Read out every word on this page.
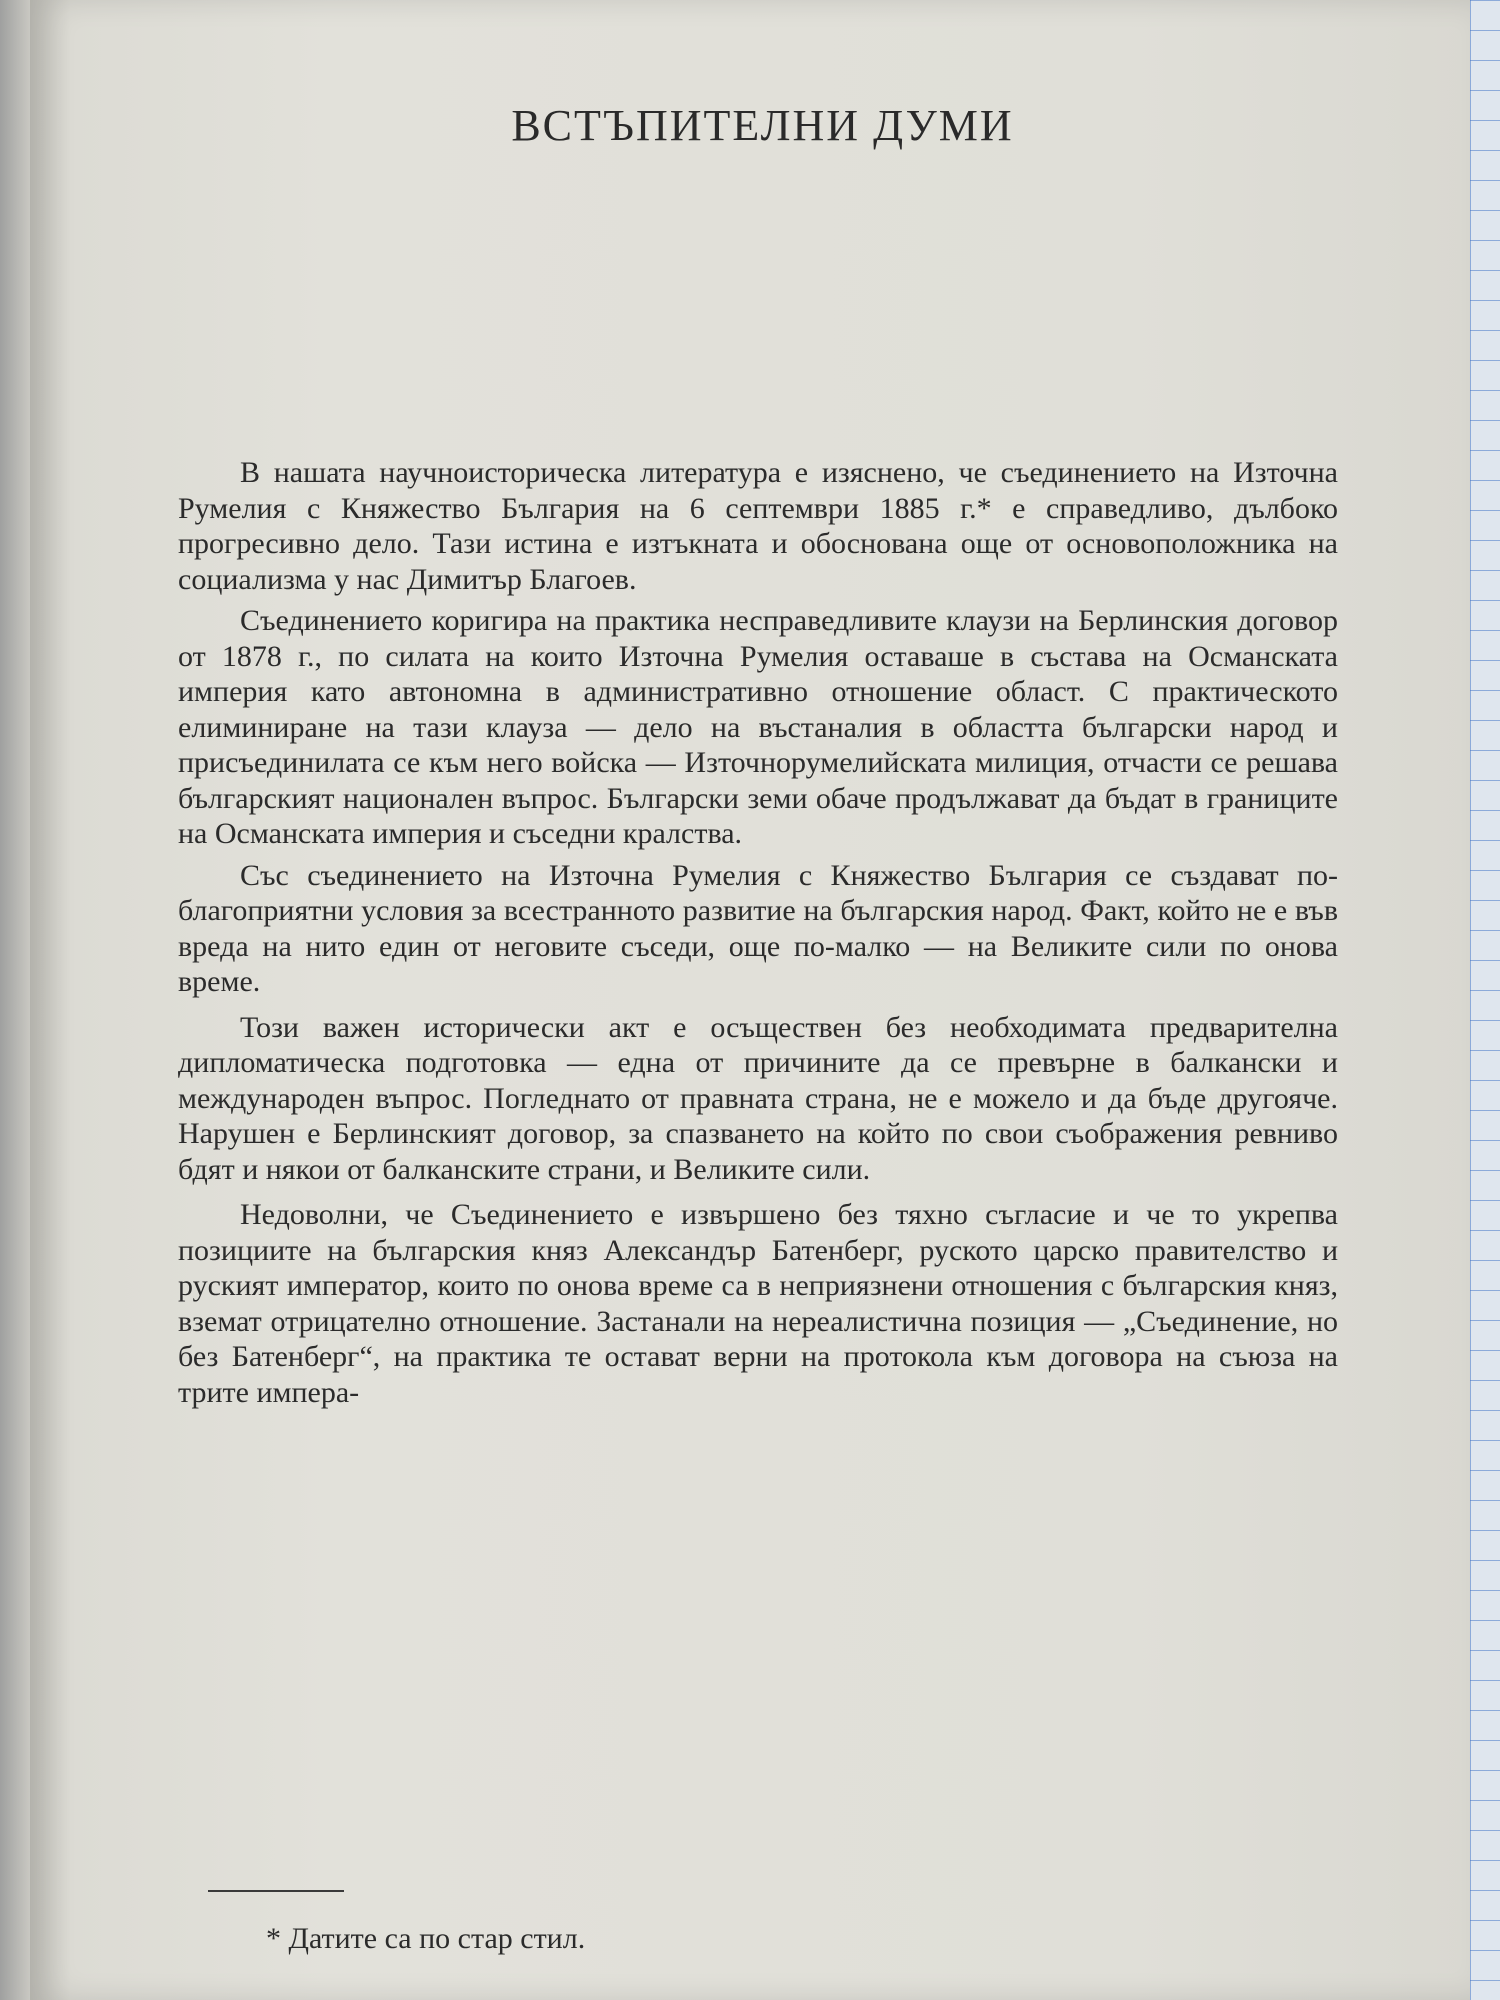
ВСТЪПИТЕЛНИ ДУМИ

В нашата научноисторическа литература е изяснено, че съединението на Източна Румелия с Княжество България на 6 септември 1885 г.* е справедливо, дълбоко прогресивно дело. Тази истина е изтъкната и обоснована още от основоположника на социализма у нас Димитър Благоев.

Съединението коригира на практика несправедливите клаузи на Берлинския договор от 1878 г., по силата на които Източна Румелия оставаше в състава на Османската империя като автономна в административно отношение област. С практическото елиминиране на тази клауза — дело на въстаналия в областта български народ и присъединилата се към него войска — Източнорумелийската милиция, отчасти се решава българският национален въпрос. Български земи обаче продължават да бъдат в границите на Османската империя и съседни кралства.

Със съединението на Източна Румелия с Княжество България се създават по-благоприятни условия за всестранното развитие на българския народ. Факт, който не е във вреда на нито един от неговите съседи, още по-малко — на Великите сили по онова време.

Този важен исторически акт е осъществен без необходимата предварителна дипломатическа подготовка — една от причините да се превърне в балкански и международен въпрос. Погледнато от правната страна, не е можело и да бъде другояче. Нарушен е Берлинският договор, за спазването на който по свои съображения ревниво бдят и някои от балканските страни, и Великите сили.

Недоволни, че Съединението е извършено без тяхно съгласие и че то укрепва позициите на българския княз Александър Батенберг, руското царско правителство и руският император, които по онова време са в неприязнени отношения с българския княз, вземат отрицателно отношение. Застанали на нереалистична позиция — „Съединение, но без Батенберг“, на практика те остават верни на протокола към договора на съюза на трите импера-

* Датите са по стар стил.
